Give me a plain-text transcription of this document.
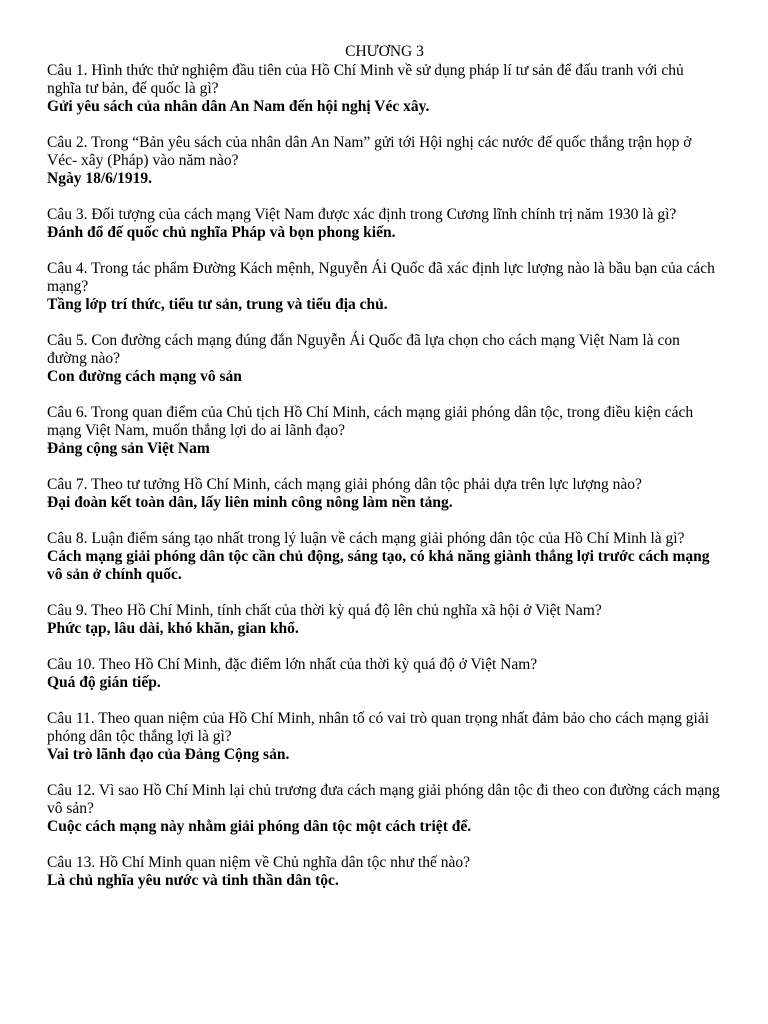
CHƯƠNG 3

Câu 1. Hình thức thử nghiệm đầu tiên của Hồ Chí Minh về sử dụng pháp lí tư sản để đấu tranh với chủ nghĩa tư bản, đế quốc là gì?

Gửi yêu sách của nhân dân An Nam đến hội nghị Véc xây.

Câu 2. Trong “Bản yêu sách của nhân dân An Nam” gửi tới Hội nghị các nước đế quốc thắng trận họp ở Véc- xây (Pháp) vào năm nào?

Ngày 18/6/1919.

Câu 3. Đối tượng của cách mạng Việt Nam được xác định trong Cương lĩnh chính trị năm 1930 là gì?

Đánh đổ đế quốc chủ nghĩa Pháp và bọn phong kiến.

Câu 4. Trong tác phẩm Đường Kách mệnh, Nguyễn Ái Quốc đã xác định lực lượng nào là bầu bạn của cách mạng?

Tầng lớp trí thức, tiểu tư sản, trung và tiểu địa chủ.

Câu 5. Con đường cách mạng đúng đắn Nguyễn Ái Quốc đã lựa chọn cho cách mạng Việt Nam là con đường nào?

Con đường cách mạng vô sản

Câu 6. Trong quan điểm của Chủ tịch Hồ Chí Minh, cách mạng giải phóng dân tộc, trong điều kiện cách mạng Việt Nam, muốn thắng lợi do ai lãnh đạo?

Đảng cộng sản Việt Nam

Câu 7. Theo tư tưởng Hồ Chí Minh, cách mạng giải phóng dân tộc phải dựa trên lực lượng nào?

Đại đoàn kết toàn dân, lấy liên minh công nông làm nền tảng.

Câu 8. Luận điểm sáng tạo nhất trong lý luận về cách mạng giải phóng dân tộc của Hồ Chí Minh là gì?

Cách mạng giải phóng dân tộc cần chủ động, sáng tạo, có khả năng giành thắng lợi trước cách mạng vô sản ở chính quốc.

Câu 9. Theo Hồ Chí Minh, tính chất của thời kỳ quá độ lên chủ nghĩa xã hội ở Việt Nam?

Phức tạp, lâu dài, khó khăn, gian khổ.

Câu 10. Theo Hồ Chí Minh, đặc điểm lớn nhất của thời kỳ quá độ ở Việt Nam?

Quá độ gián tiếp.

Câu 11. Theo quan niệm của Hồ Chí Minh, nhân tố có vai trò quan trọng nhất đảm bảo cho cách mạng giải phóng dân tộc thắng lợi là gì?

Vai trò lãnh đạo của Đảng Cộng sản.

Câu 12. Vì sao Hồ Chí Minh lại chủ trương đưa cách mạng giải phóng dân tộc đi theo con đường cách mạng vô sản?

Cuộc cách mạng này nhằm giải phóng dân tộc một cách triệt để.

Câu 13. Hồ Chí Minh quan niệm về Chủ nghĩa dân tộc như thế nào?

Là chủ nghĩa yêu nước và tinh thần dân tộc.
